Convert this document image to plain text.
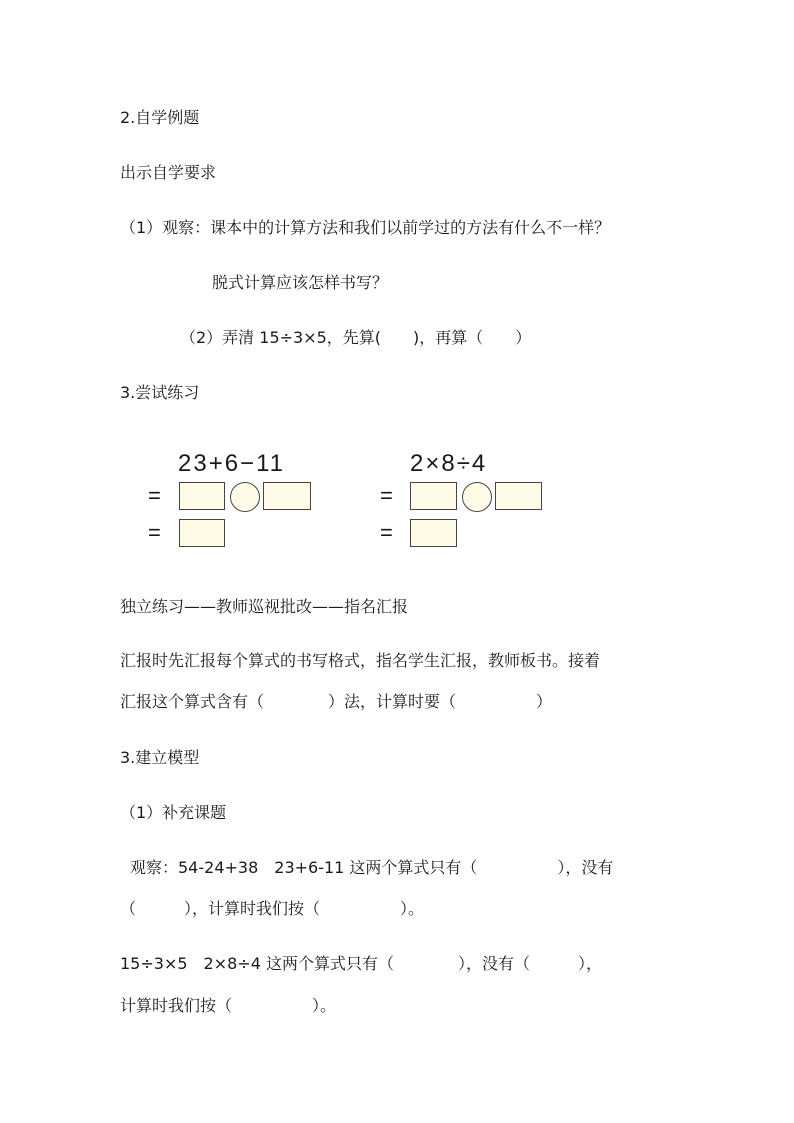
2.自学例题
出示自学要求
（1）观察：课本中的计算方法和我们以前学过的方法有什么不一样？
脱式计算应该怎样书写？
（2）弄清 15÷3×5，先算(　　)，再算（　　）
3.尝试练习
23+6−11
=
=
2×8÷4
=
=
独立练习——教师巡视批改——指名汇报
汇报时先汇报每个算式的书写格式，指名学生汇报，教师板书。接着
汇报这个算式含有（　　　　）法，计算时要（　　　　　）
3.建立模型
（1）补充课题
观察：54-24+38　23+6-11 这两个算式只有（　　　　　），没有
（　　　），计算时我们按（　　　　　）。
15÷3×5　2×8÷4 这两个算式只有（　　　　），没有（　　　），
计算时我们按（　　　　　）。
